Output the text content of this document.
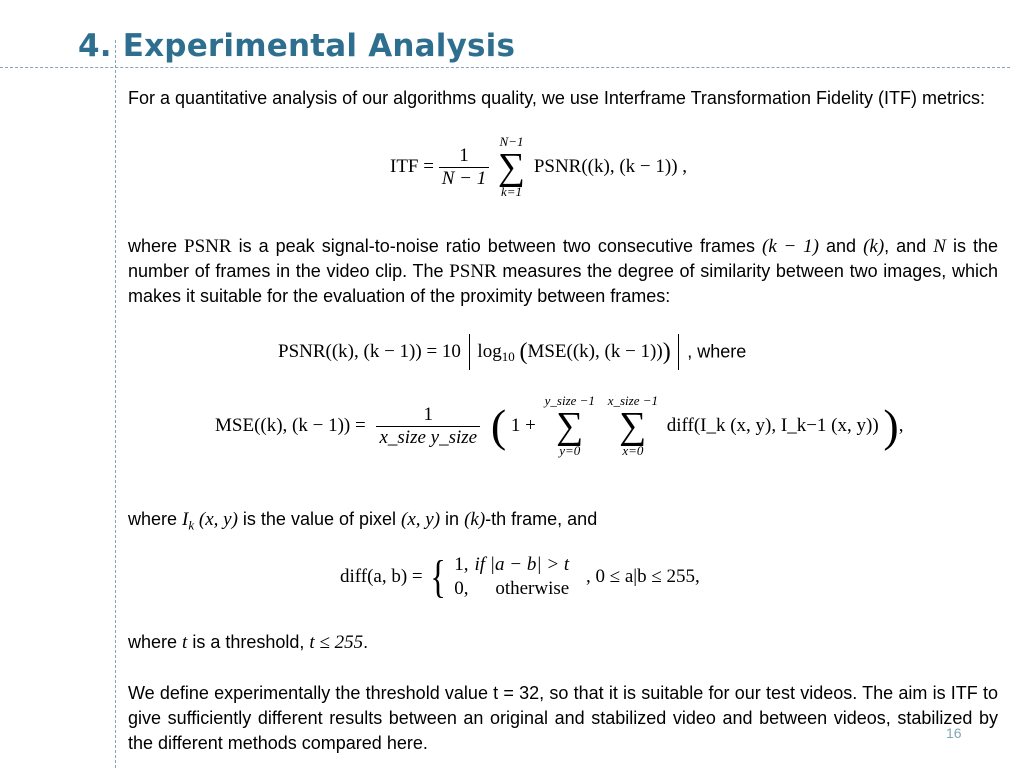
4. Experimental Analysis
For a quantitative analysis of our algorithms quality, we use Interframe Transformation Fidelity (ITF) metrics:
ITF = $\frac{1}{N - 1}$

N−1
∑
k=1
PSNR((k), (k − 1)) ,
where PSNR is a peak signal-to-noise ratio between two consecutive frames (k − 1) and (k), and N is the number of frames in the video clip. The PSNR measures the degree of similarity between two images, which makes it suitable for the evaluation of the proximity between frames:
PSNR((k), (k − 1)) = 10 $\log_{10} (MSE((k)$, (k − 1))) , where
MSE((k), $(k - 1)) = \frac{1}{\text{x\_size y\_size}}$ ( 1 +
y_size −1
∑
y=0

x_size −1
∑
x=0
diff(I_k (x, y), I_k−1 (x, y)) ),
where $I_k$ (x, y) is the value of pixel (x, y) in (k)-th frame, and
diff(a, b) = { 1,	if |a − b| > t
0,	otherwise , 0 ≤ a|b ≤ 255,
where t is a threshold, t ≤ 255.
We define experimentally the threshold value t = 32, so that it is suitable for our test videos. The aim is ITF to give sufficiently different results between an original and stabilized video and between videos, stabilized by the different methods compared here.	16
